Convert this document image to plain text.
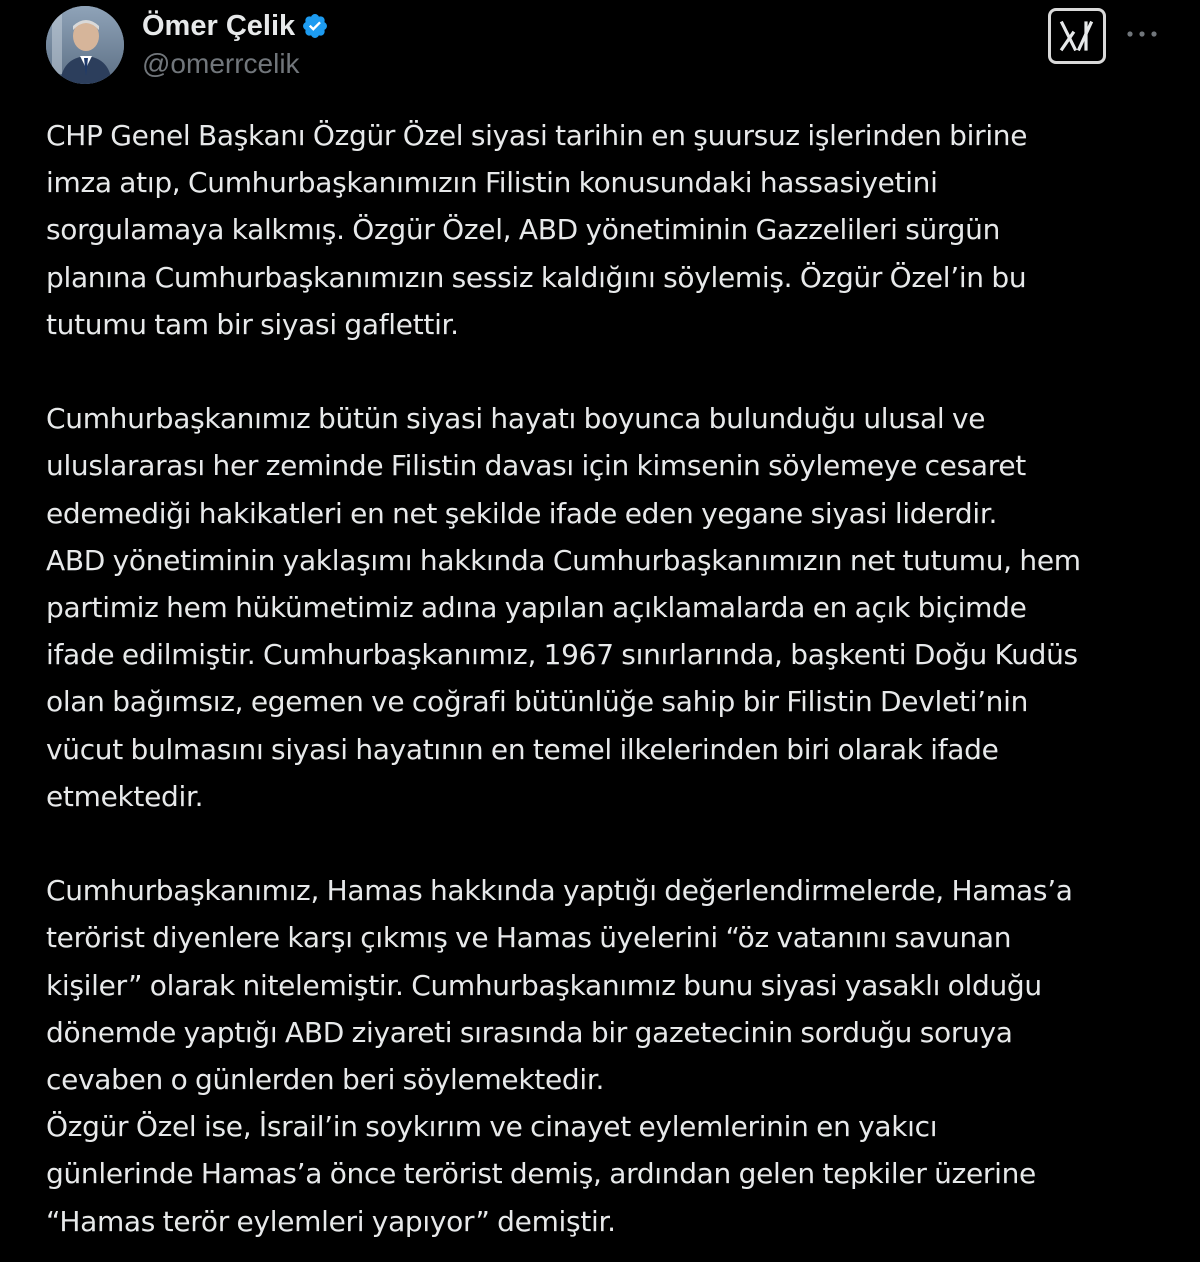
Ömer Çelik
@omerrcelik

CHP Genel Başkanı Özgür Özel siyasi tarihin en şuursuz işlerinden birine

imza atıp, Cumhurbaşkanımızın Filistin konusundaki hassasiyetini

sorgulamaya kalkmış. Özgür Özel, ABD yönetiminin Gazzelileri sürgün

planına Cumhurbaşkanımızın sessiz kaldığını söylemiş. Özgür Özel’in bu

tutumu tam bir siyasi gaflettir.

Cumhurbaşkanımız bütün siyasi hayatı boyunca bulunduğu ulusal ve

uluslararası her zeminde Filistin davası için kimsenin söylemeye cesaret

edemediği hakikatleri en net şekilde ifade eden yegane siyasi liderdir.

ABD yönetiminin yaklaşımı hakkında Cumhurbaşkanımızın net tutumu, hem

partimiz hem hükümetimiz adına yapılan açıklamalarda en açık biçimde

ifade edilmiştir. Cumhurbaşkanımız, 1967 sınırlarında, başkenti Doğu Kudüs

olan bağımsız, egemen ve coğrafi bütünlüğe sahip bir Filistin Devleti’nin

vücut bulmasını siyasi hayatının en temel ilkelerinden biri olarak ifade

etmektedir.

Cumhurbaşkanımız, Hamas hakkında yaptığı değerlendirmelerde, Hamas’a

terörist diyenlere karşı çıkmış ve Hamas üyelerini “öz vatanını savunan

kişiler” olarak nitelemiştir. Cumhurbaşkanımız bunu siyasi yasaklı olduğu

dönemde yaptığı ABD ziyareti sırasında bir gazetecinin sorduğu soruya

cevaben o günlerden beri söylemektedir.

Özgür Özel ise, İsrail’in soykırım ve cinayet eylemlerinin en yakıcı

günlerinde Hamas’a önce terörist demiş, ardından gelen tepkiler üzerine

“Hamas terör eylemleri yapıyor” demiştir.
